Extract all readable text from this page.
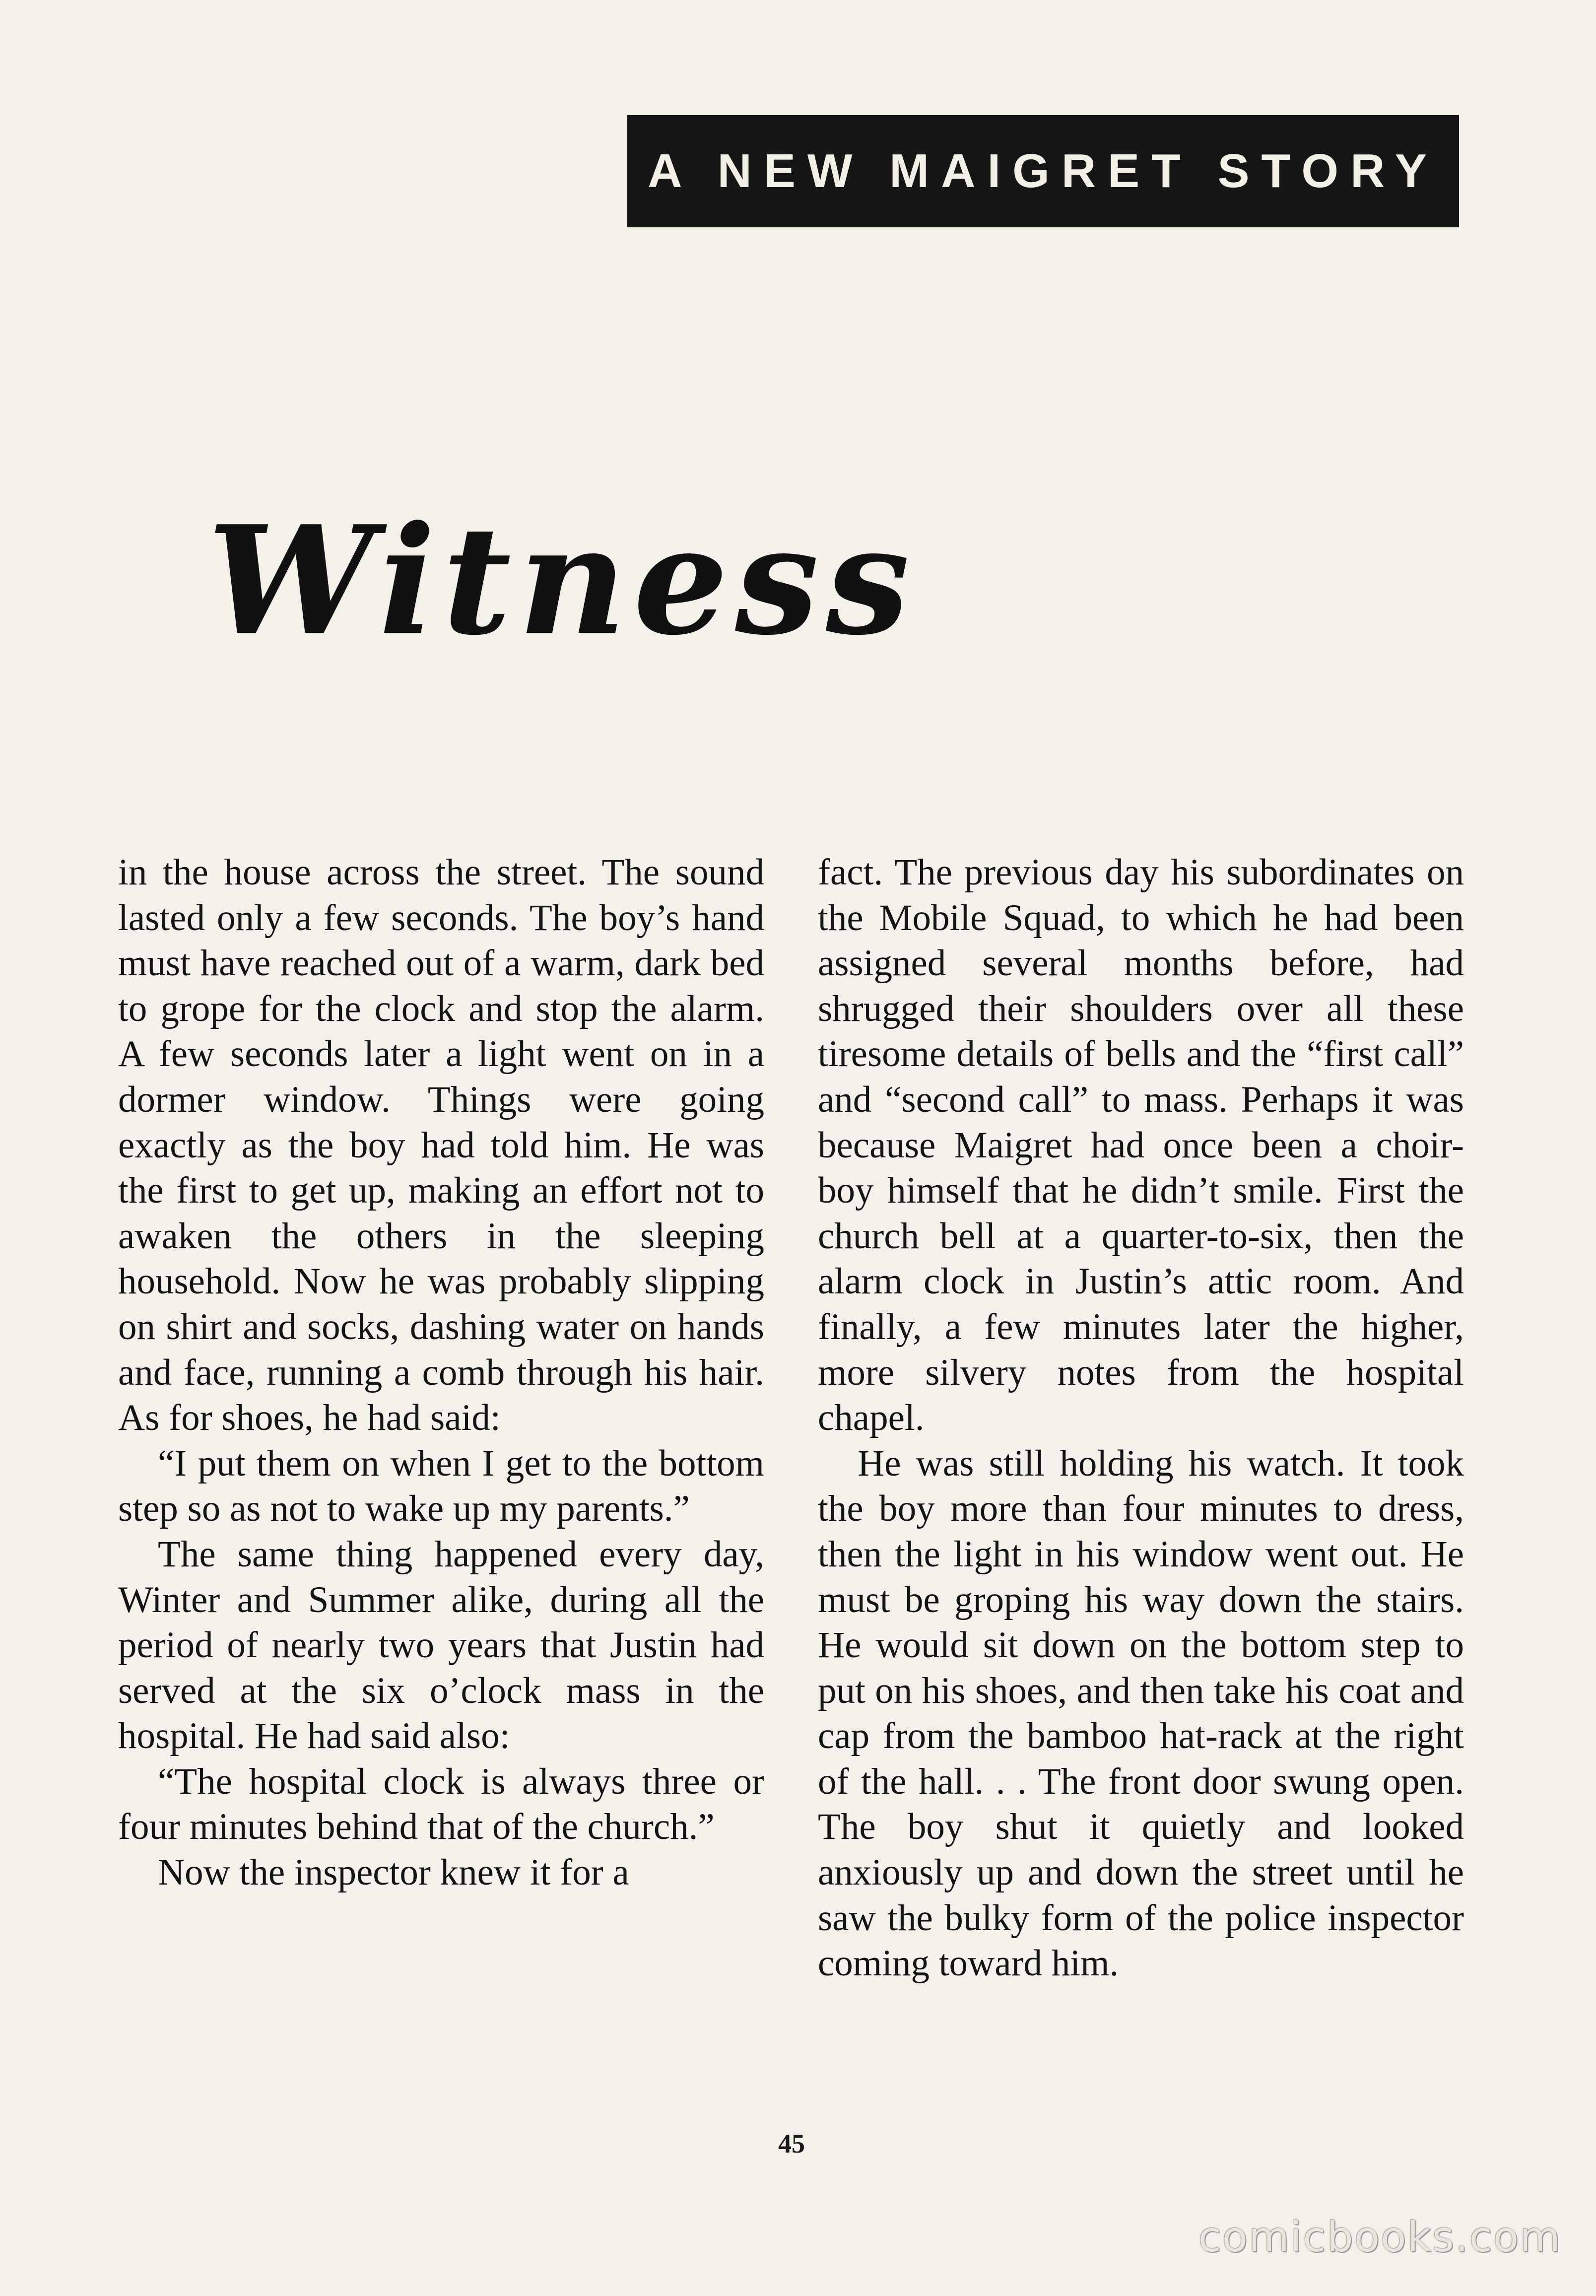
A NEW MAIGRET STORY
Witness

in the house across the street. The sound lasted only a few seconds. The boy’s hand must have reached out of a warm, dark bed to grope for the clock and stop the alarm. A few seconds later a light went on in a dormer window. Things were going exactly as the boy had told him. He was the first to get up, making an effort not to awaken the others in the sleeping household. Now he was probably slipping on shirt and socks, dashing water on hands and face, running a comb through his hair. As for shoes, he had said:

“I put them on when I get to the bottom step so as not to wake up my parents.”

The same thing happened every day, Winter and Summer alike, during all the period of nearly two years that Justin had served at the six o’clock mass in the hospital. He had said also:

“The hospital clock is always three or four minutes behind that of the church.”

Now the inspector knew it for a

fact. The previous day his subordinates on the Mobile Squad, to which he had been assigned several months before, had shrugged their shoulders over all these tiresome details of bells and the “first call” and “second call” to mass. Perhaps it was because Maigret had once been a choir-boy himself that he didn’t smile. First the church bell at a quarter-to-six, then the alarm clock in Justin’s attic room. And finally, a few minutes later the higher, more silvery notes from the hospital chapel.

He was still holding his watch. It took the boy more than four minutes to dress, then the light in his window went out. He must be groping his way down the stairs. He would sit down on the bottom step to put on his shoes, and then take his coat and cap from the bamboo hat-rack at the right of the hall. . . The front door swung open. The boy shut it quietly and looked anxiously up and down the street until he saw the bulky form of the police inspector coming toward him.

45
comicbooks.com
